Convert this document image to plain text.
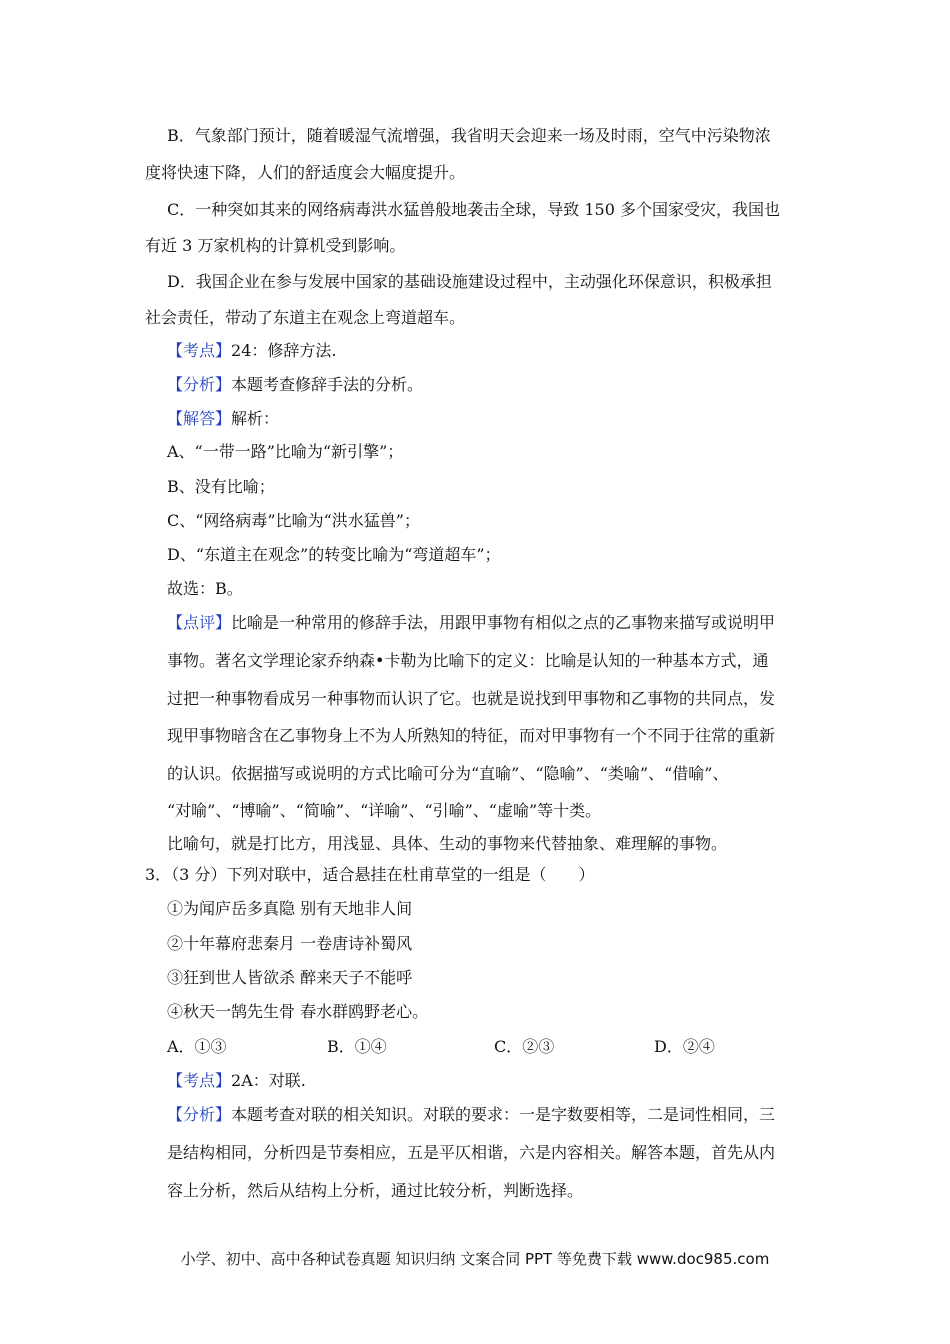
B．气象部门预计，随着暖湿气流增强，我省明天会迎来一场及时雨，空气中污染物浓
度将快速下降，人们的舒适度会大幅度提升。
C．一种突如其来的网络病毒洪水猛兽般地袭击全球，导致 150 多个国家受灾，我国也
有近 3 万家机构的计算机受到影响。
D．我国企业在参与发展中国家的基础设施建设过程中，主动强化环保意识，积极承担
社会责任，带动了东道主在观念上弯道超车。
【考点】24：修辞方法.
【分析】本题考查修辞手法的分析。
【解答】解析：
A、“一带一路”比喻为“新引擎”；
B、没有比喻；
C、“网络病毒”比喻为“洪水猛兽”；
D、“东道主在观念”的转变比喻为“弯道超车”；
故选：B。
【点评】比喻是一种常用的修辞手法，用跟甲事物有相似之点的乙事物来描写或说明甲
事物。著名文学理论家乔纳森•卡勒为比喻下的定义：比喻是认知的一种基本方式，通
过把一种事物看成另一种事物而认识了它。也就是说找到甲事物和乙事物的共同点，发
现甲事物暗含在乙事物身上不为人所熟知的特征，而对甲事物有一个不同于往常的重新
的认识。依据描写或说明的方式比喻可分为“直喻”、“隐喻”、“类喻”、“借喻”、
“对喻”、“博喻”、“简喻”、“详喻”、“引喻”、“虚喻”等十类。
比喻句，就是打比方，用浅显、具体、生动的事物来代替抽象、难理解的事物。
3．（3 分）下列对联中，适合悬挂在杜甫草堂的一组是（　　）
①为闻庐岳多真隐 别有天地非人间
②十年幕府悲秦月 一卷唐诗补蜀风
③狂到世人皆欲杀 醉来天子不能呼
④秋天一鹄先生骨 春水群鸥野老心。
A．①③	B．①④	C．②③	D．②④
【考点】2A：对联.
【分析】本题考查对联的相关知识。对联的要求：一是字数要相等，二是词性相同，三
是结构相同，分析四是节奏相应，五是平仄相谐，六是内容相关。解答本题，首先从内
容上分析，然后从结构上分析，通过比较分析，判断选择。
小学、初中、高中各种试卷真题 知识归纳 文案合同 PPT 等免费下载 www.doc985.com
